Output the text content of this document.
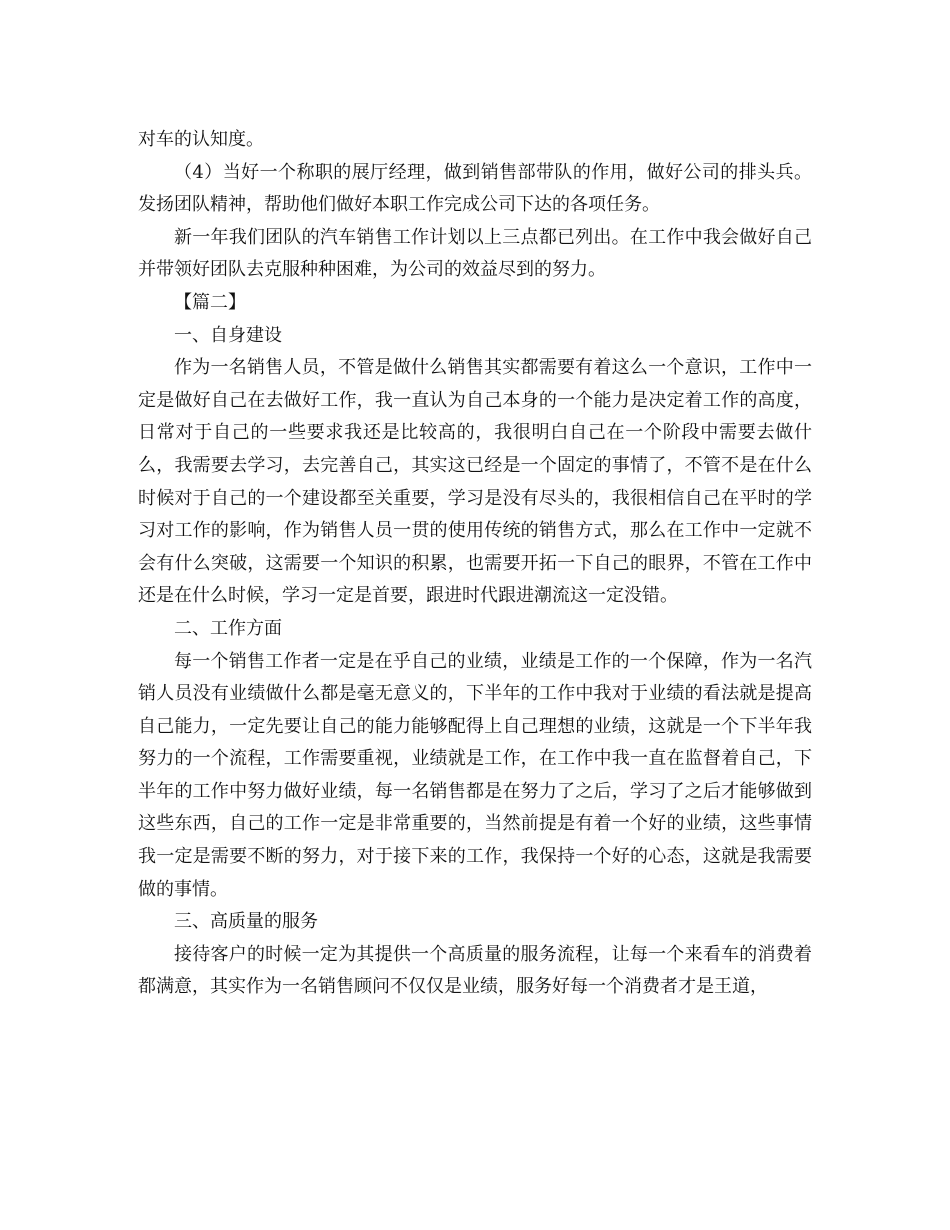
对车的认知度。

（4）当好一个称职的展厅经理，做到销售部带队的作用，做好公司的排头兵。发扬团队精神，帮助他们做好本职工作完成公司下达的各项任务。

新一年我们团队的汽车销售工作计划以上三点都已列出。在工作中我会做好自己并带领好团队去克服种种困难，为公司的效益尽到的努力。

【篇二】

一、自身建设

作为一名销售人员，不管是做什么销售其实都需要有着这么一个意识，工作中一定是做好自己在去做好工作，我一直认为自己本身的一个能力是决定着工作的高度，日常对于自己的一些要求我还是比较高的，我很明白自己在一个阶段中需要去做什么，我需要去学习，去完善自己，其实这已经是一个固定的事情了，不管不是在什么时候对于自己的一个建设都至关重要，学习是没有尽头的，我很相信自己在平时的学习对工作的影响，作为销售人员一贯的使用传统的销售方式，那么在工作中一定就不会有什么突破，这需要一个知识的积累，也需要开拓一下自己的眼界，不管在工作中还是在什么时候，学习一定是首要，跟进时代跟进潮流这一定没错。

二、工作方面

每一个销售工作者一定是在乎自己的业绩，业绩是工作的一个保障，作为一名汽销人员没有业绩做什么都是毫无意义的，下半年的工作中我对于业绩的看法就是提高自己能力，一定先要让自己的能力能够配得上自己理想的业绩，这就是一个下半年我努力的一个流程，工作需要重视，业绩就是工作，在工作中我一直在监督着自己，下半年的工作中努力做好业绩，每一名销售都是在努力了之后，学习了之后才能够做到这些东西，自己的工作一定是非常重要的，当然前提是有着一个好的业绩，这些事情我一定是需要不断的努力，对于接下来的工作，我保持一个好的心态，这就是我需要做的事情。

三、高质量的服务

接待客户的时候一定为其提供一个高质量的服务流程，让每一个来看车的消费着都满意，其实作为一名销售顾问不仅仅是业绩，服务好每一个消费者才是王道，
